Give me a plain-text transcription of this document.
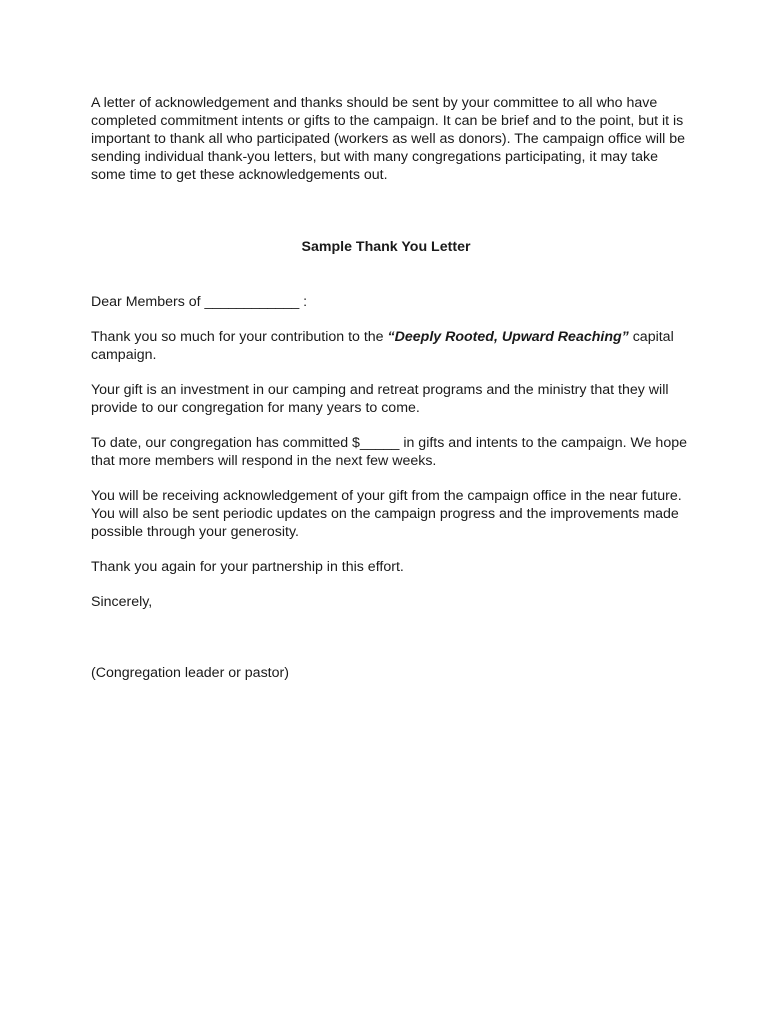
A letter of acknowledgement and thanks should be sent by your committee to all who have completed commitment intents or gifts to the campaign. It can be brief and to the point, but it is important to thank all who participated (workers as well as donors). The campaign office will be sending individual thank-you letters, but with many congregations participating, it may take some time to get these acknowledgements out.

Sample Thank You Letter

Dear Members of ____________ :

Thank you so much for your contribution to the “Deeply Rooted, Upward Reaching” capital campaign.

Your gift is an investment in our camping and retreat programs and the ministry that they will provide to our congregation for many years to come.

To date, our congregation has committed $_____ in gifts and intents to the campaign. We hope that more members will respond in the next few weeks.

You will be receiving acknowledgement of your gift from the campaign office in the near future. You will also be sent periodic updates on the campaign progress and the improvements made possible through your generosity.

Thank you again for your partnership in this effort.

Sincerely,

(Congregation leader or pastor)
